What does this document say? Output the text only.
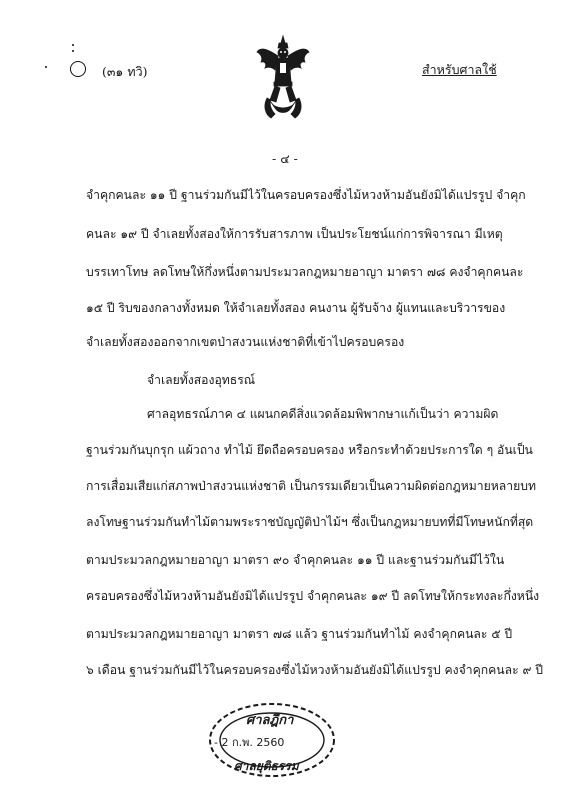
(๓๑ ทวิ)	สำหรับศาลใช้
- ๔ -
จำคุกคนละ ๑๑ ปี ฐานร่วมกันมีไว้ในครอบครองซึ่งไม้หวงห้ามอันยังมิได้แปรรูป จำคุก
คนละ ๑๙ ปี จำเลยทั้งสองให้การรับสารภาพ เป็นประโยชน์แก่การพิจารณา มีเหตุ
บรรเทาโทษ ลดโทษให้กึ่งหนึ่งตามประมวลกฎหมายอาญา มาตรา ๗๘ คงจำคุกคนละ
๑๕ ปี ริบของกลางทั้งหมด ให้จำเลยทั้งสอง คนงาน ผู้รับจ้าง ผู้แทนและบริวารของ
จำเลยทั้งสองออกจากเขตป่าสงวนแห่งชาติที่เข้าไปครอบครอง
จำเลยทั้งสองอุทธรณ์
ศาลอุทธรณ์ภาค ๔ แผนกคดีสิ่งแวดล้อมพิพากษาแก้เป็นว่า ความผิด
ฐานร่วมกันบุกรุก แผ้วถาง ทำไม้ ยึดถือครอบครอง หรือกระทำด้วยประการใด ๆ อันเป็น
การเสื่อมเสียแก่สภาพป่าสงวนแห่งชาติ เป็นกรรมเดียวเป็นความผิดต่อกฎหมายหลายบท
ลงโทษฐานร่วมกันทำไม้ตามพระราชบัญญัติป่าไม้ฯ ซึ่งเป็นกฎหมายบทที่มีโทษหนักที่สุด
ตามประมวลกฎหมายอาญา มาตรา ๙๐ จำคุกคนละ ๑๑ ปี และฐานร่วมกันมีไว้ใน
ครอบครองซึ่งไม้หวงห้ามอันยังมิได้แปรรูป จำคุกคนละ ๑๙ ปี ลดโทษให้กระทงละกึ่งหนึ่ง
ตามประมวลกฎหมายอาญา มาตรา ๗๘ แล้ว ฐานร่วมกันทำไม้ คงจำคุกคนละ ๕ ปี
๖ เดือน ฐานร่วมกันมีไว้ในครอบครองซึ่งไม้หวงห้ามอันยังมิได้แปรรูป คงจำคุกคนละ ๙ ปี
ศาลฎีกา
- 2 ก.พ. 2560
ศาลยุติธรรม
